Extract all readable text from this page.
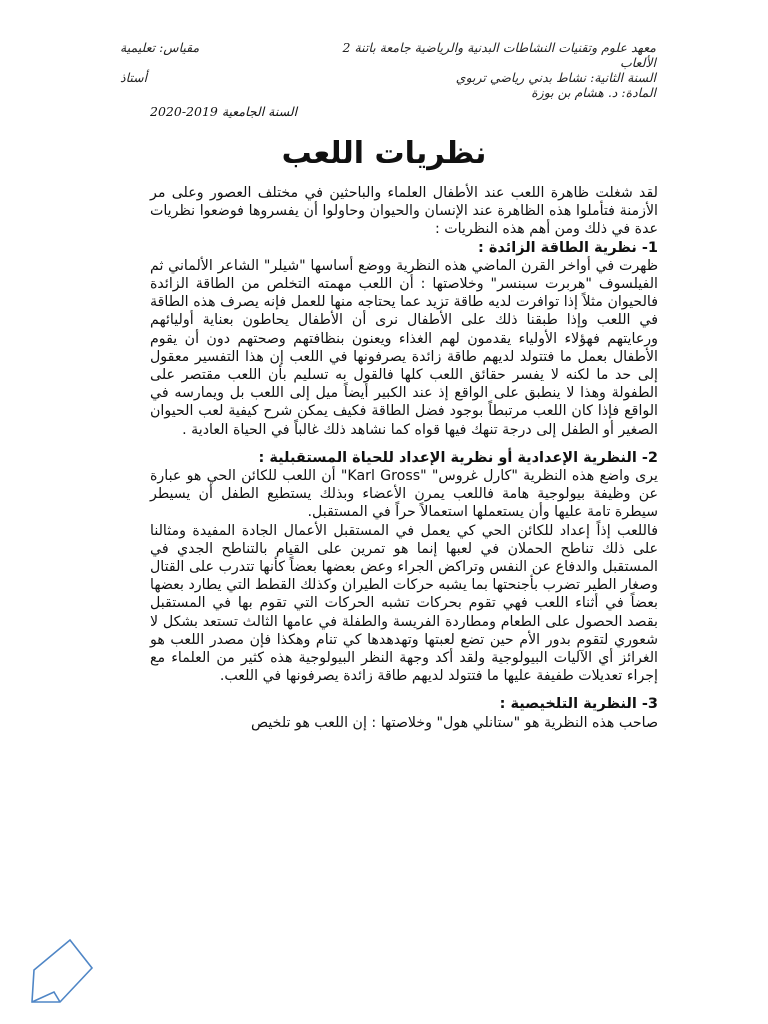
معهد علوم وتقنيات النشاطات البدنية والرياضية جامعة باتنة 2
مقياس: تعليمية
الألعاب
السنة الثانية: نشاط بدني رياضي تربوي
أستاذ
المادة: د. هشام بن بوزة
السنة الجامعية 2019-2020
نظريات اللعب

لقد شغلت ظاهرة اللعب عند الأطفال العلماء والباحثين في مختلف العصور وعلى مر الأزمنة فتأملوا هذه الظاهرة عند الإنسان والحيوان وحاولوا أن يفسروها فوضعوا نظريات عدة في ذلك ومن أهم هذه النظريات :

1- نظرية الطاقة الزائدة :

ظهرت في أواخر القرن الماضي هذه النظرية ووضع أساسها "شيلر" الشاعر الألماني ثم الفيلسوف "هربرت سبنسر" وخلاصتها : أن اللعب مهمته التخلص من الطاقة الزائدة فالحيوان مثلاً إذا توافرت لديه طاقة تزيد عما يحتاجه منها للعمل فإنه يصرف هذه الطاقة في اللعب وإذا طبقنا ذلك على الأطفال نرى أن الأطفال يحاطون بعناية أوليائهم ورعايتهم فهؤلاء الأولياء يقدمون لهم الغذاء ويعنون بنظافتهم وصحتهم دون أن يقوم الأطفال بعمل ما فتتولد لديهم طاقة زائدة يصرفونها في اللعب إن هذا التفسير معقول إلى حد ما لكنه لا يفسر حقائق اللعب كلها فالقول به تسليم بأن اللعب مقتصر على الطفولة وهذا لا ينطبق على الواقع إذ عند الكبير أيضاً ميل إلى اللعب بل ويمارسه في الواقع فإذا كان اللعب مرتبطاً بوجود فضل الطاقة فكيف يمكن شرح كيفية لعب الحيوان الصغير أو الطفل إلى درجة تنهك فيها قواه كما نشاهد ذلك غالباً في الحياة العادية .

2- النظرية الإعدادية أو نظرية الإعداد للحياة المستقبلية :

يرى واضع هذه النظرية "كارل غروس" "Karl Gross" أن اللعب للكائن الحي هو عبارة عن وظيفة بيولوجية هامة فاللعب يمرن الأعضاء وبذلك يستطيع الطفل أن يسيطر سيطرة تامة عليها وأن يستعملها استعمالاً حراً في المستقبل.

فاللعب إذاً إعداد للكائن الحي كي يعمل في المستقبل الأعمال الجادة المفيدة ومثالنا على ذلك تناطح الحملان في لعبها إنما هو تمرين على القيام بالتناطح الجدي في المستقبل والدفاع عن النفس وتراكض الجراء وعض بعضها بعضاً كأنها تتدرب على القتال وصغار الطير تضرب بأجنحتها بما يشبه حركات الطيران وكذلك القطط التي يطارد بعضها بعضاً في أثناء اللعب فهي تقوم بحركات تشبه الحركات التي تقوم بها في المستقبل بقصد الحصول على الطعام ومطاردة الفريسة والطفلة في عامها الثالث تستعد بشكل لا شعوري لتقوم بدور الأم حين تضع لعبتها وتهدهدها كي تنام وهكذا فإن مصدر اللعب هو الغرائز أي الآليات البيولوجية ولقد أكد وجهة النظر البيولوجية هذه كثير من العلماء مع إجراء تعديلات طفيفة عليها ما فتتولد لديهم طاقة زائدة يصرفونها في اللعب.

3- النظرية التلخيصية :

صاحب هذه النظرية هو "ستانلي هول" وخلاصتها : إن اللعب هو تلخيص
